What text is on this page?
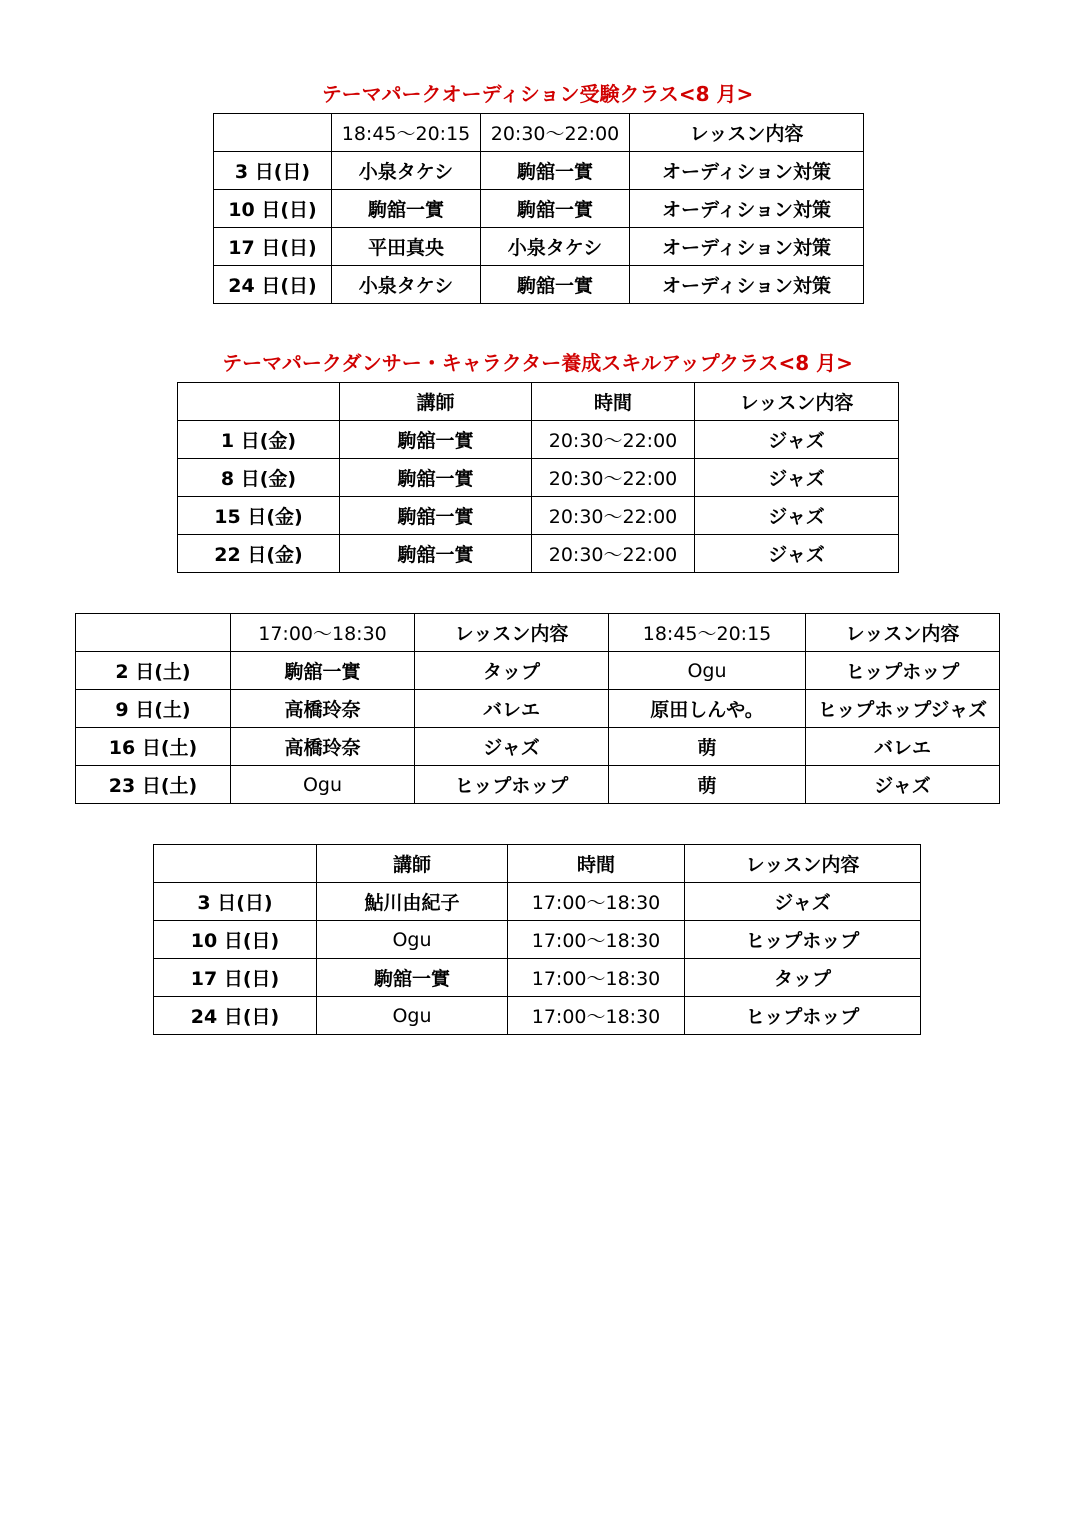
テーマパークオーディション受験クラス<8 月>
	18:45～20:15	20:30～22:00	レッスン内容
3 日(日)	小泉タケシ	駒舘一實	オーディション対策
10 日(日)	駒舘一實	駒舘一實	オーディション対策
17 日(日)	平田真央	小泉タケシ	オーディション対策
24 日(日)	小泉タケシ	駒舘一實	オーディション対策
テーマパークダンサー・キャラクター養成スキルアップクラス<8 月>
	講師	時間	レッスン内容
1 日(金)	駒舘一實	20:30～22:00	ジャズ
8 日(金)	駒舘一實	20:30～22:00	ジャズ
15 日(金)	駒舘一實	20:30～22:00	ジャズ
22 日(金)	駒舘一實	20:30～22:00	ジャズ
	17:00～18:30	レッスン内容	18:45～20:15	レッスン内容
2 日(土)	駒舘一實	タップ	Ogu	ヒップホップ
9 日(土)	高橋玲奈	バレエ	原田しんや。	ヒップホップジャズ
16 日(土)	高橋玲奈	ジャズ	萌	バレエ
23 日(土)	Ogu	ヒップホップ	萌	ジャズ
	講師	時間	レッスン内容
3 日(日)	鮎川由紀子	17:00～18:30	ジャズ
10 日(日)	Ogu	17:00～18:30	ヒップホップ
17 日(日)	駒舘一實	17:00～18:30	タップ
24 日(日)	Ogu	17:00～18:30	ヒップホップ
